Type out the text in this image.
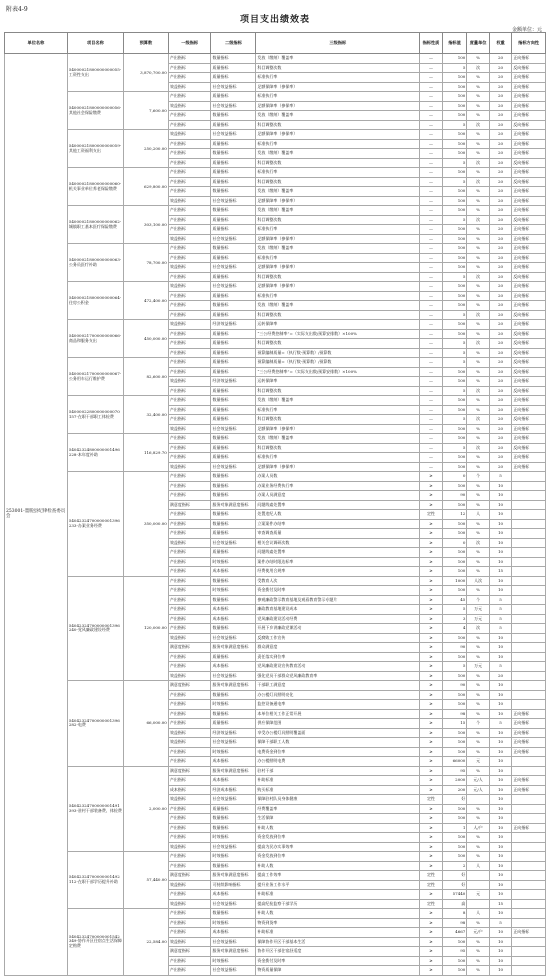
附表4-9
项目支出绩效表
金额单位：元
单位名称	项目名称	预算数	一级指标	二级指标	三级指标	指标性质	指标值	度量单位	权重	指标方向性
253001-墨脱县纪律检查委员会	54000021800000000055-工资性支出	3,870,700.00	产出指标	数量指标	发放（缴纳）覆盖率	—	100	%	20	正向指标
			产出指标	质量指标	科目调整次数	—	5	次	20	反向指标
			产出指标	质量指标	标准执行率	—	100	%	20	正向指标
			效益指标	社会效益指标	足额保障率（参保率）	—	100	%	20	正向指标
	54000021800000000056-其他社会保险缴费	7,600.00	产出指标	质量指标	标准执行率	—	100	%	20	正向指标
			效益指标	社会效益指标	足额保障率（参保率）	—	100	%	20	正向指标
			产出指标	数量指标	发放（缴纳）覆盖率	—	100	%	20	正向指标
			产出指标	质量指标	科目调整次数	—	5	次	20	反向指标
	54000021800000000059-其他工资福利支出	250,200.00	效益指标	社会效益指标	足额保障率（参保率）	—	100	%	20	正向指标
			产出指标	质量指标	标准执行率	—	100	%	20	正向指标
			产出指标	数量指标	发放（缴纳）覆盖率	—	100	%	20	正向指标
			产出指标	质量指标	科目调整次数	—	5	次	20	反向指标
	54000021800000000060-机关事业单位养老保险缴费	629,800.00	产出指标	质量指标	标准执行率	—	100	%	20	正向指标
			产出指标	质量指标	科目调整次数	—	5	次	20	反向指标
			产出指标	数量指标	发放（缴纳）覆盖率	—	100	%	20	正向指标
			效益指标	社会效益指标	足额保障率（参保率）	—	100	%	20	正向指标
	54000021800000000062-城镇职工基本医疗保险缴费	303,100.00	产出指标	数量指标	发放（缴纳）覆盖率	—	100	%	20	正向指标
			产出指标	质量指标	科目调整次数	—	5	次	20	反向指标
			产出指标	质量指标	标准执行率	—	100	%	20	正向指标
			效益指标	社会效益指标	足额保障率（参保率）	—	100	%	20	正向指标
	54000021800000000063-公务员医疗补助	78,700.00	产出指标	数量指标	发放（缴纳）覆盖率	—	100	%	20	正向指标
			产出指标	质量指标	标准执行率	—	100	%	20	正向指标
			效益指标	社会效益指标	足额保障率（参保率）	—	100	%	20	正向指标
			产出指标	质量指标	科目调整次数	—	5	次	20	反向指标
	54000021800000000064-住房公积金	472,400.00	效益指标	社会效益指标	足额保障率（参保率）	—	100	%	20	正向指标
			产出指标	质量指标	标准执行率	—	100	%	20	正向指标
			产出指标	数量指标	发放（缴纳）覆盖率	—	100	%	20	正向指标
			产出指标	质量指标	科目调整次数	—	5	次	20	反向指标
	54000021700000000066-商品和服务支出	450,000.00	效益指标	经济效益指标	运转保障率	—	100	%	20	正向指标
			产出指标	质量指标	“三公经费控制率”=（实际支出数/预算安排数）×100%	—	100	%	20	反向指标
			产出指标	质量指标	科目调整次数	—	5	次	20	反向指标
			产出指标	质量指标	预算编制质量=（执行数-预算数）/预算数	—	5	%	20	反向指标
	54000021700000000067-公务用车运行维护费	82,600.00	产出指标	质量指标	预算编制质量=（执行数-预算数）/预算数	—	5	%	20	反向指标
			产出指标	质量指标	“三公经费控制率”=（实际支出数/预算安排数）×100%	—	100	%	20	反向指标
			效益指标	经济效益指标	运转保障率	—	100	%	20	正向指标
			产出指标	质量指标	科目调整次数	—	5	次	20	反向指标
	54000022800000000070157-在职干部职工体检费	32,400.00	产出指标	数量指标	发放（缴纳）覆盖率	—	100	%	20	正向指标
			产出指标	质量指标	标准执行率	—	100	%	20	正向指标
			产出指标	质量指标	科目调整次数	—	5	次	20	反向指标
			效益指标	社会效益指标	足额保障率（参保率）	—	100	%	20	正向指标
	54042324800000001496228-本年度补助	116,829.70	产出指标	数量指标	发放（缴纳）覆盖率	—	100	%	20	正向指标
			产出指标	质量指标	科目调整次数	—	5	次	20	反向指标
			产出指标	质量指标	标准执行率	—	100	%	20	正向指标
			效益指标	社会效益指标	足额保障率（参保率）	—	100	%	20	正向指标
	54042324700000001396233-办案业务经费	350,000.00	产出指标	数量指标	办案人员数	≥	0	个	5	
			产出指标	数量指标	办案业务经费执行率	≥	100	%	10	
			产出指标	数量指标	办案人员满意度	≥	90	%	10	
			满意度指标	服务对象满意度指标	问题线索处置率	≥	100	%	10	
			产出指标	数量指标	处置违纪人数	定性	12	人	10	
			产出指标	数量指标	立案案件办结率	≥	100	%	10	
			产出指标	质量指标	审查调查质量	≥	100	%	10	
			效益指标	社会效益指标	相关会议调研次数	≥	0	次	10	
			产出指标	质量指标	问题线索处置率	≥	100	%	10	
			产出指标	时效指标	案件办结时限达标率	≥	100	%	10	
			产出指标	成本指标	经费使用合规率	≥	100	%	15	
	54042324700000001396240-党风廉政建设经费	120,000.00	产出指标	数量指标	受教育人次	≥	1000	人次	10	
			产出指标	时效指标	资金拨付及时率	≥	100	%	10	
			产出指标	数量指标	参观廉政警示教育基地及观看教育警示专题片	≥	45	个	5	
			产出指标	成本指标	廉政教育基地建设成本	≥	5	万元	5	
			产出指标	成本指标	党风廉政建设活动经费	≥	3	万元	5	
			产出指标	数量指标	开展下乡讲廉政党课活动	≥	4	次	5	
			效益指标	社会效益指标	反腐败工作宣传	≥	100	%	10	
			满意度指标	服务对象满意度指标	群众满意度	≥	90	%	10	
			产出指标	质量指标	责任落实到位率	≥	100	%	10	
			产出指标	成本指标	党风廉政建设宣传教育活动	≥	5	万元	5	
			效益指标	社会效益指标	强化党员干部群众党风廉政教育率	≥	100	%	20	
	54042324700000001396282-电费	66,000.00	满意度指标	服务对象满意度指标	干部职工满意度	≥	90	%	10	
			产出指标	数量指标	办公楼灯具照明亮化	≥	100	%	10	
			产出指标	时效指标	监控设备通电率	≥	100	%	10	
			产出指标	数量指标	本单位相关工作正常开展	≥	98	%	10	正向指标
			产出指标	质量指标	供应保障范围	≥	15	个	5	正向指标
			效益指标	经济效益指标	享受办公楼灯具照明覆盖面	≥	100	%	10	正向指标
			效益指标	社会效益指标	保障干部职工人数	≥	100	%	10	正向指标
			产出指标	时效指标	电费资金到位率	≥	100	%	10	正向指标
			产出指标	成本指标	办公楼照明电费	≥	66000	元	10	
	54042324700000001491393-驻村干部装备费、体检费	2,000.00	满意度指标	服务对象满意度指标	驻村干部	≥	95	%	10	
			产出指标	成本指标	补助标准	≥	2000	元/人	10	正向指标
			成本指标	经济成本指标	购买标准	≥	200	元/人	10	正向指标
			效益指标	社会效益指标	保障驻村队员身体健康	定性	好		10	
			产出指标	质量指标	经费覆盖率	≥	100	%	10	
			产出指标	数量指标	生活保障	≥	100	%	10	
			产出指标	数量指标	补助人数	≥	1	人/户	10	正向指标
			产出指标	时效指标	资金发放到位率	≥	100	%	10	
			效益指标	社会效益指标	提高为民办实事效率	≥	100	%	10	
	54042324700000001492112-在职干部学历提升补助	57,440.00	产出指标	时效指标	资金发放到位率	≥	100	%	10	
			产出指标	数量指标	补助人数	≥	2	人	10	
			满意度指标	服务对象满意度指标	提高工作效率	定性	好		10	
			效益指标	可持续影响指标	提升业务工作水平	定性	好		10	
			产出指标	成本指标	补助标准	≥	57440	元	10	
			效益指标	社会效益指标	提高纪检监察干部学历	定性	高		15	
	54042324700000001542349-协作开区住宿点生活保障定购费	22,584.00	产出指标	数量指标	补助人数	≥	8	人	10	
			产出指标	时效指标	物资到货率	≥	98	%	5	
			产出指标	成本指标	补助标准	≥	4667	元/户	10	正向指标
			效益指标	社会效益指标	保障协作开区干部基本生活	≥	100	%	10	
			满意度指标	服务对象满意度指标	协作开区干部住宿舒适度	≥	95	%	10	
			产出指标	时效指标	资金拨付及时率	≥	100	%	10	
			产出指标	社会效益指标	物资质量保障	≥	100	%	10	
